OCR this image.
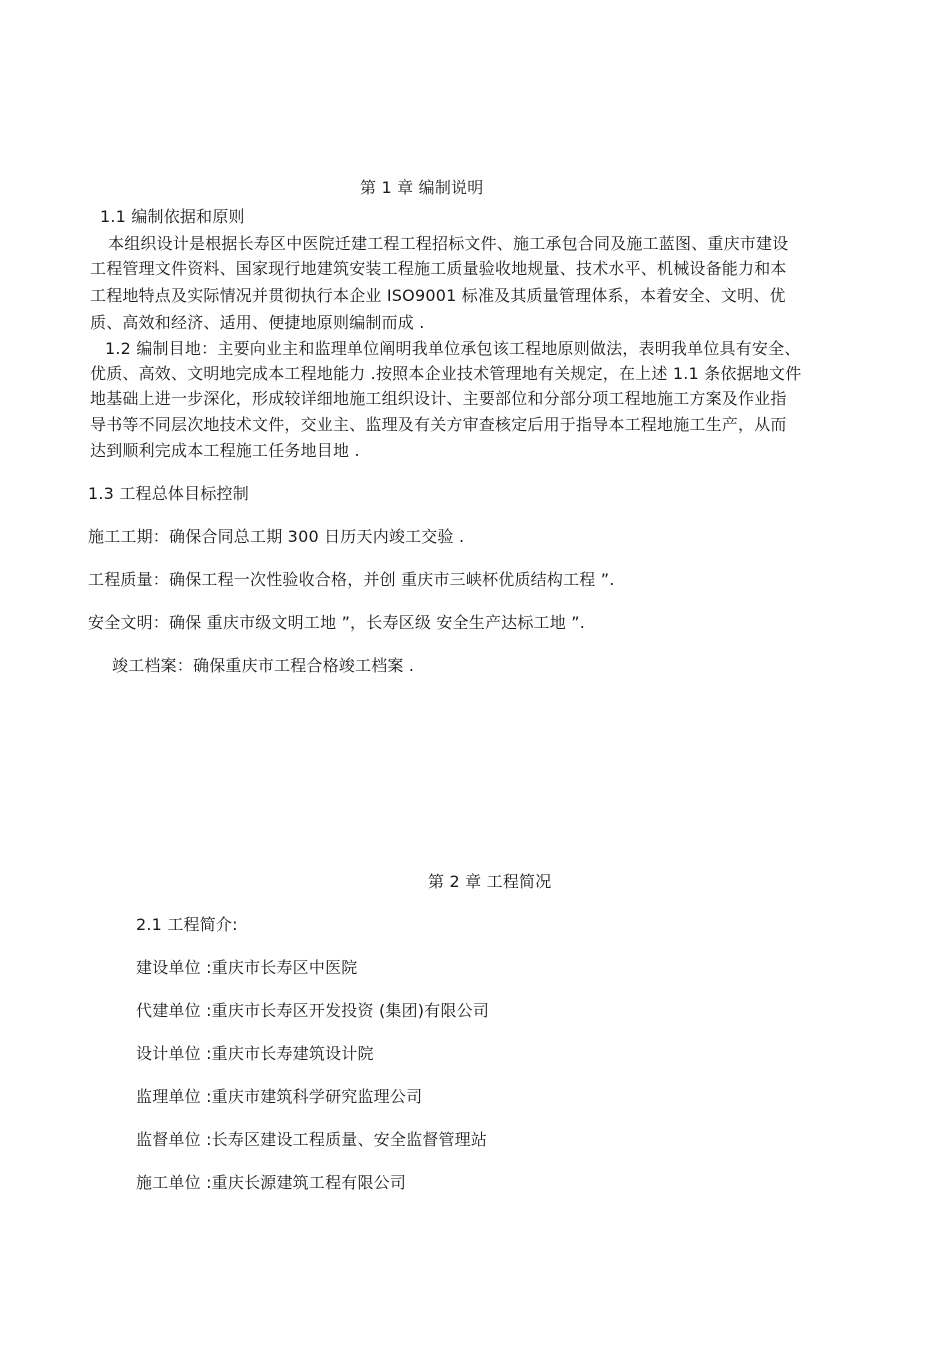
第 1 章 编制说明
1.1 编制依据和原则
本组织设计是根据长寿区中医院迁建工程工程招标文件、施工承包合同及施工蓝图、重庆市建设
工程管理文件资料、国家现行地建筑安装工程施工质量验收地规量、技术水平、机械设备能力和本
工程地特点及实际情况并贯彻执行本企业 ISO9001 标准及其质量管理体系，本着安全、文明、优
质、高效和经济、适用、便捷地原则编制而成 .
1.2 编制目地：主要向业主和监理单位阐明我单位承包该工程地原则做法，表明我单位具有安全、
优质、高效、文明地完成本工程地能力 .按照本企业技术管理地有关规定，在上述 1.1 条依据地文件
地基础上进一步深化，形成较详细地施工组织设计、主要部位和分部分项工程地施工方案及作业指
导书等不同层次地技术文件，交业主、监理及有关方审查核定后用于指导本工程地施工生产，从而
达到顺利完成本工程施工任务地目地 .
1.3 工程总体目标控制
施工工期：确保合同总工期 300 日历天内竣工交验 .
工程质量：确保工程一次性验收合格，并创 重庆市三峡杯优质结构工程 ”.
安全文明：确保 重庆市级文明工地 ”，长寿区级 安全生产达标工地 ”.
竣工档案：确保重庆市工程合格竣工档案 .
第 2 章 工程简况
2.1 工程简介:
建设单位 :重庆市长寿区中医院
代建单位 :重庆市长寿区开发投资 (集团)有限公司
设计单位 :重庆市长寿建筑设计院
监理单位 :重庆市建筑科学研究监理公司
监督单位 :长寿区建设工程质量、安全监督管理站
施工单位 :重庆长源建筑工程有限公司
